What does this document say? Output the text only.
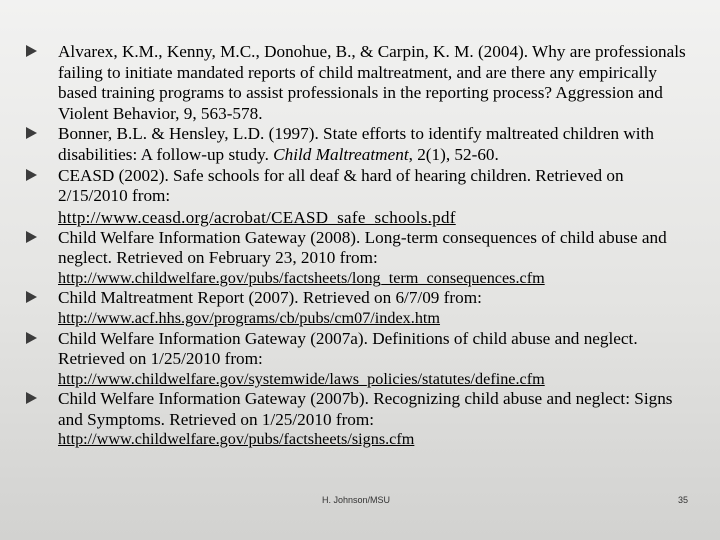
Alvarex, K.M., Kenny, M.C., Donohue, B., & Carpin, K. M. (2004). Why are professionals failing to initiate mandated reports of child maltreatment, and are there any empirically based training programs to assist professionals in the reporting process? Aggression and Violent Behavior, 9, 563-578.
Bonner, B.L. & Hensley, L.D. (1997). State efforts to identify maltreated children with disabilities: A follow-up study. Child Maltreatment, 2(1), 52-60.
CEASD (2002). Safe schools for all deaf & hard of hearing children. Retrieved on 2/15/2010 from:
http://www.ceasd.org/acrobat/CEASD_safe_schools.pdf
Child Welfare Information Gateway (2008). Long-term consequences of child abuse and neglect. Retrieved on February 23, 2010 from:
http://www.childwelfare.gov/pubs/factsheets/long_term_consequences.cfm
Child Maltreatment Report (2007). Retrieved on 6/7/09 from:
http://www.acf.hhs.gov/programs/cb/pubs/cm07/index.htm
Child Welfare Information Gateway (2007a). Definitions of child abuse and neglect. Retrieved on 1/25/2010 from:
http://www.childwelfare.gov/systemwide/laws_policies/statutes/define.cfm
Child Welfare Information Gateway (2007b). Recognizing child abuse and neglect: Signs and Symptoms. Retrieved on 1/25/2010 from:
http://www.childwelfare.gov/pubs/factsheets/signs.cfm
H. Johnson/MSU	35
